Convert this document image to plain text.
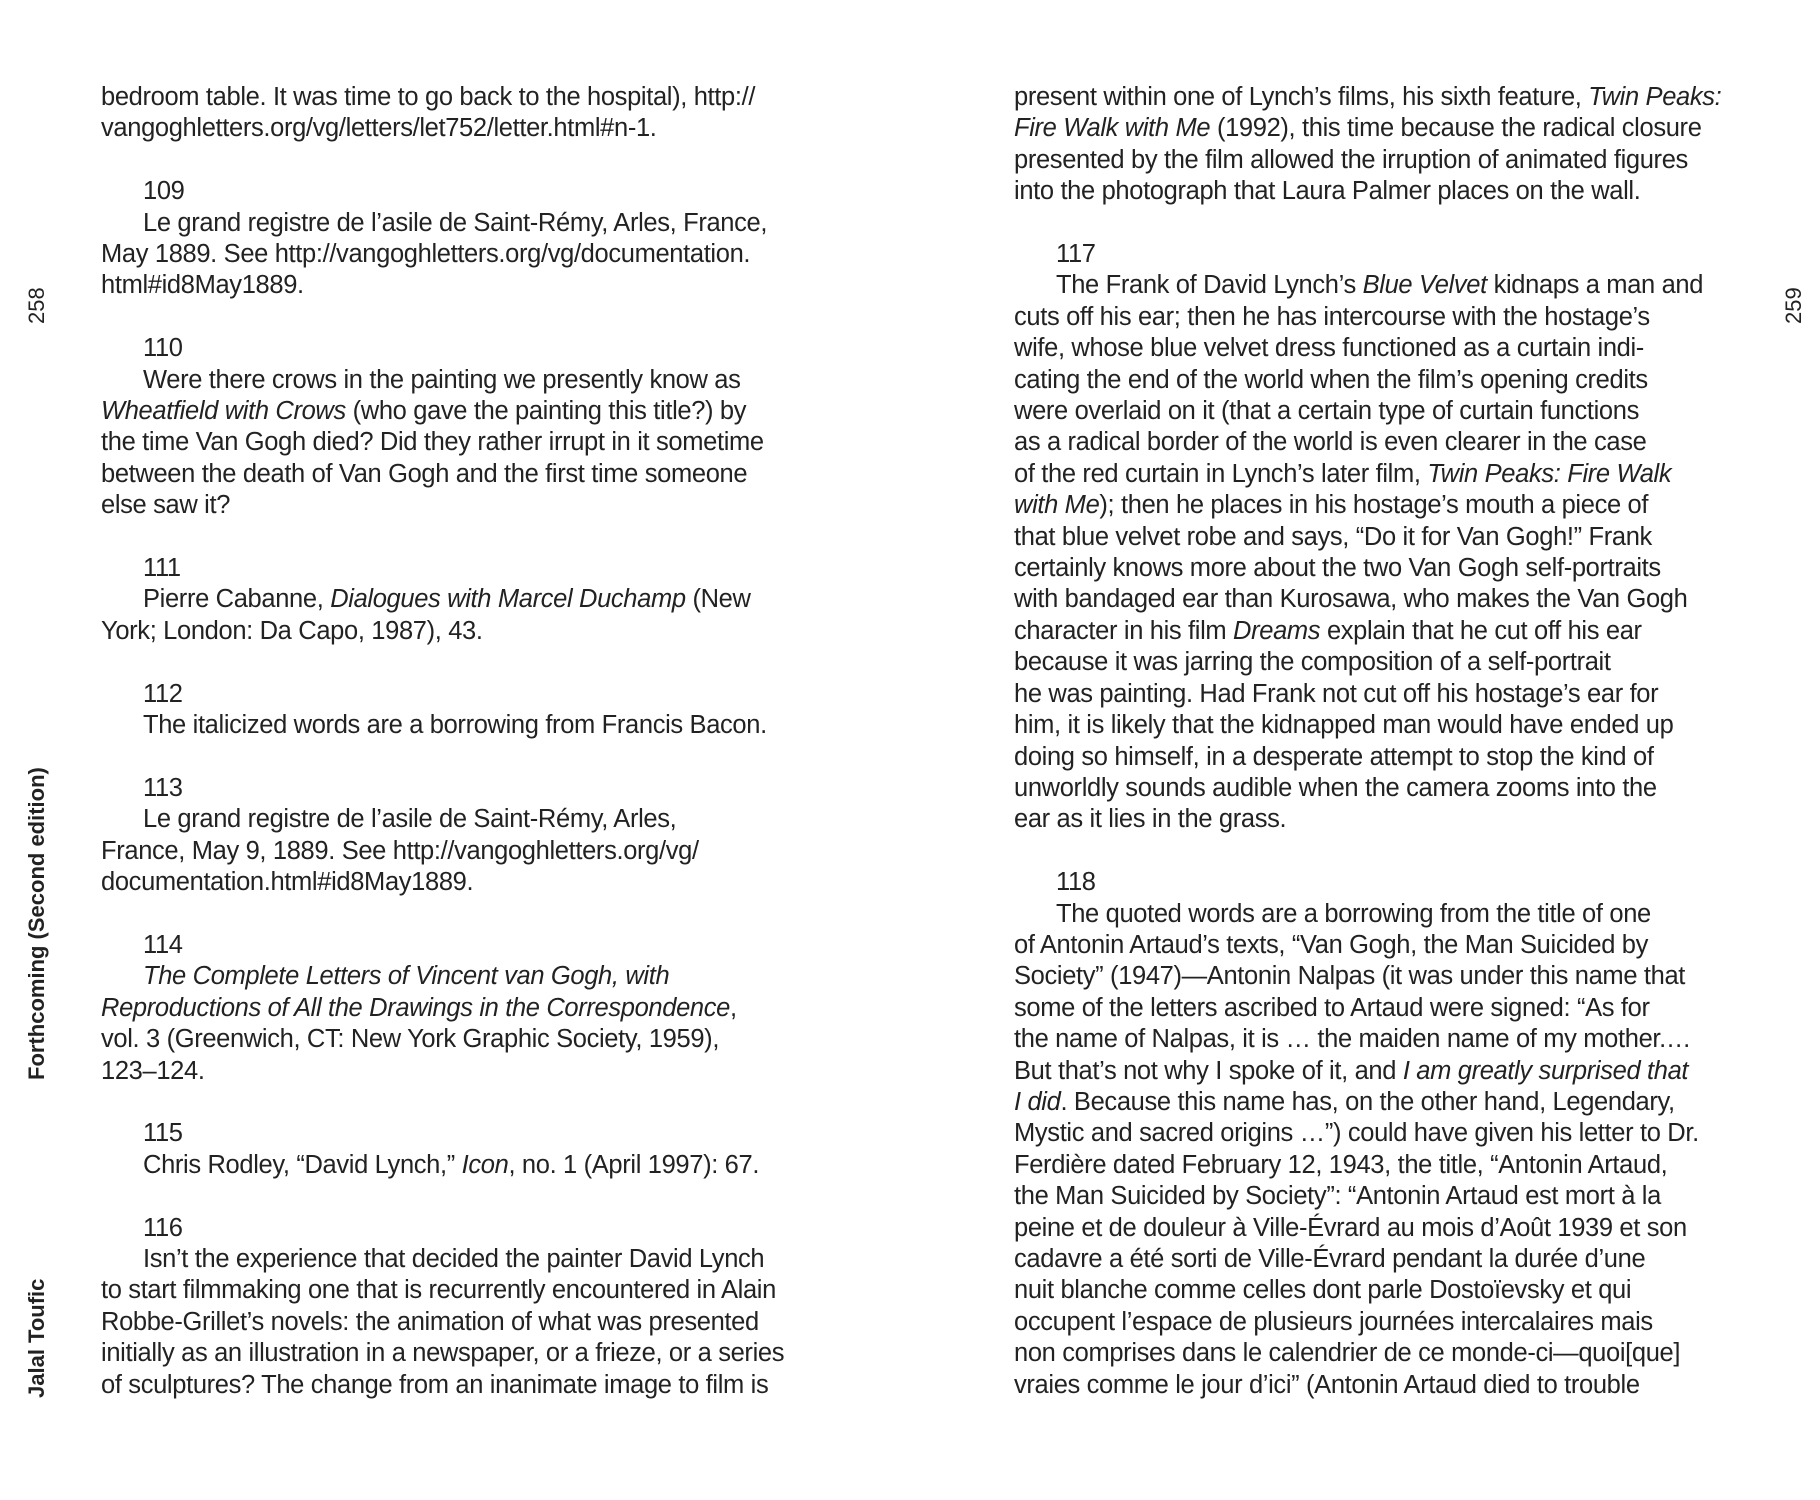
258
Forthcoming (Second edition)
Jalal Toufic
259

bedroom table. It was time to go back to the hospital), http://

vangoghletters.org/vg/letters/let752/letter.html#n-1.

109

Le grand registre de l’asile de Saint-Rémy, Arles, France,

May 1889. See http://vangoghletters.org/vg/documentation.

html#id8May1889.

110

Were there crows in the painting we presently know as

Wheatfield with Crows (who gave the painting this title?) by

the time Van Gogh died? Did they rather irrupt in it sometime

between the death of Van Gogh and the first time someone

else saw it?

111

Pierre Cabanne, Dialogues with Marcel Duchamp (New

York; London: Da Capo, 1987), 43.

112

The italicized words are a borrowing from Francis Bacon.

113

Le grand registre de l’asile de Saint-Rémy, Arles,

France, May 9, 1889. See http://vangoghletters.org/vg/

documentation.html#id8May1889.

114

The Complete Letters of Vincent van Gogh, with

Reproductions of All the Drawings in the Correspondence,

vol. 3 (Greenwich, CT: New York Graphic Society, 1959),

123–124.

115

Chris Rodley, “David Lynch,” Icon, no. 1 (April 1997): 67.

116

Isn’t the experience that decided the painter David Lynch

to start filmmaking one that is recurrently encountered in Alain

Robbe-Grillet’s novels: the animation of what was presented

initially as an illustration in a newspaper, or a frieze, or a series

of sculptures? The change from an inanimate image to film is

present within one of Lynch’s films, his sixth feature, Twin Peaks:

Fire Walk with Me (1992), this time because the radical closure

presented by the film allowed the irruption of animated figures

into the photograph that Laura Palmer places on the wall.

117

The Frank of David Lynch’s Blue Velvet kidnaps a man and

cuts off his ear; then he has intercourse with the hostage’s

wife, whose blue velvet dress functioned as a curtain indi-

cating the end of the world when the film’s opening credits

were overlaid on it (that a certain type of curtain functions

as a radical border of the world is even clearer in the case

of the red curtain in Lynch’s later film, Twin Peaks: Fire Walk

with Me); then he places in his hostage’s mouth a piece of

that blue velvet robe and says, “Do it for Van Gogh!” Frank

certainly knows more about the two Van Gogh self-portraits

with bandaged ear than Kurosawa, who makes the Van Gogh

character in his film Dreams explain that he cut off his ear

because it was jarring the composition of a self-portrait

he was painting. Had Frank not cut off his hostage’s ear for

him, it is likely that the kidnapped man would have ended up

doing so himself, in a desperate attempt to stop the kind of

unworldly sounds audible when the camera zooms into the

ear as it lies in the grass.

118

The quoted words are a borrowing from the title of one

of Antonin Artaud’s texts, “Van Gogh, the Man Suicided by

Society” (1947)—Antonin Nalpas (it was under this name that

some of the letters ascribed to Artaud were signed: “As for

the name of Nalpas, it is … the maiden name of my mother.…

But that’s not why I spoke of it, and I am greatly surprised that

I did. Because this name has, on the other hand, Legendary,

Mystic and sacred origins …”) could have given his letter to Dr.

Ferdière dated February 12, 1943, the title, “Antonin Artaud,

the Man Suicided by Society”: “Antonin Artaud est mort à la

peine et de douleur à Ville-Évrard au mois d’Août 1939 et son

cadavre a été sorti de Ville-Évrard pendant la durée d’une

nuit blanche comme celles dont parle Dostoïevsky et qui

occupent l’espace de plusieurs journées intercalaires mais

non comprises dans le calendrier de ce monde-ci—quoi[que]

vraies comme le jour d’ici” (Antonin Artaud died to trouble
